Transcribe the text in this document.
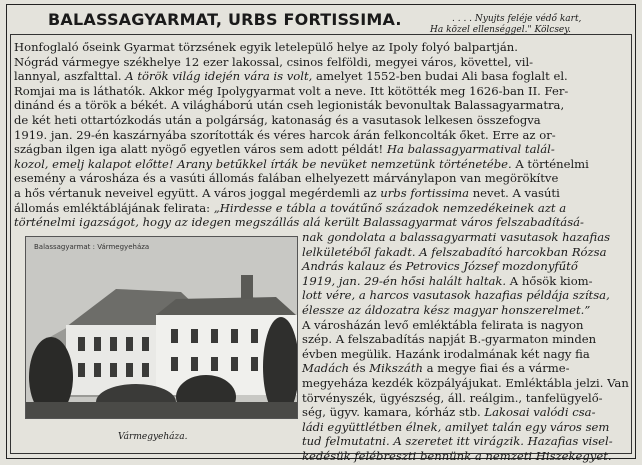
BALASSAGYARMAT, URBS FORTISSIMA.	. . . . Nyujts feléje védő kart,
Ha közel ellenséggel." Kölcsey.
Honfoglaló őseink Gyarmat törzsének egyik letelepülő helye az Ipoly folyó balpartján.
Nógrád vármegye székhelye 12 ezer lakossal, csinos felföldi, megyei város, követtel, vil-
lannyal, aszfalttal. A török világ idején vára is volt, amelyet 1552-ben budai Ali basa foglalt el.
Romjai ma is láthatók. Akkor még Ipolygyarmat volt a neve. Itt kötötték meg 1626-ban II. Fer-
dinánd és a török a békét. A világháború után cseh legionisták bevonultak Balassagyarmatra,
de két heti ottartózkodás után a polgárság, katonaság és a vasutasok lelkesen összefogva
1919. jan. 29-én kaszárnyába szorították és véres harcok árán felkoncolták őket. Erre az or-
szágban ilgen iga alatt nyögő egyetlen város sem adott példát! Ha balassagyarmatival talál-
kozol, emelj kalapot előtte! Arany betűkkel írták be nevüket nemzetünk történetébe. A történelmi
esemény a városháza és a vasúti állomás falában elhelyezett márványlapon van megörökítve
a hős vértanuk neveivel együtt. A város joggal megérdemli az urbs fortissima nevet. A vasúti
állomás emléktáblájának felirata: „Hirdesse e tábla a továtűnő századok nemzedékeinek azt a
történelmi igazságot, hogy az idegen megszállás alá került Balassagyarmat város felszabadításá-
nak gondolata a balassagyarmati vasutasok hazafias
lelkületéből fakadt. A felszabadító harcokban Rózsa
András kalauz és Petrovics József mozdonyfűtő
1919, jan. 29-én hősi halált haltak. A hősök kiom-
lott vére, a harcos vasutasok hazafias példája szítsa,
élessze az áldozatra kész magyar honszerelmet.”
A városházán levő emléktábla felirata is nagyon
szép. A felszabadítás napját B.-gyarmaton minden
évben megülik. Hazánk irodalmának két nagy fia
Madách és Mikszáth a megye fiai és a várme-
megyeháza kezdék közpályájukat. Emléktábla jelzi. Van
törvényszék, ügyészség, áll. reálgim., tanfelügyelő-
ség, ügyv. kamara, kórház stb. Lakosai valódi csa-
ládi együttlétben élnek, amilyet talán egy város sem
tud felmutatni. A szeretet itt virágzik. Hazafias visel-
kedésük felébreszti bennünk a nemzeti Hiszekegyet.
Balassagyarmat : Vármegyeháza
Vármegyeháza.
